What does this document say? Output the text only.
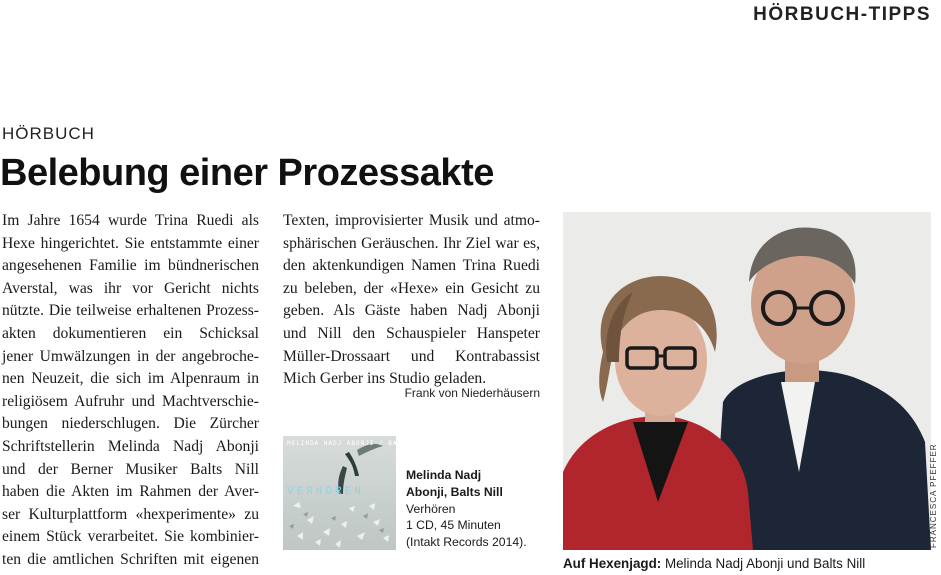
HÖRBUCH-TIPPS
HÖRBUCH
Belebung einer Prozessakte
Im Jahre 1654 wurde Trina Ruedi als
Hexe hingerichtet. Sie entstammte einer
angesehenen Familie im bündnerischen
Averstal, was ihr vor Gericht nichts
nützte. Die teilweise erhaltenen Prozess-
akten dokumentieren ein Schicksal
jener Umwälzungen in der angebroche-
nen Neuzeit, die sich im Alpenraum in
religiösem Aufruhr und Machtverschie-
bungen niederschlugen. Die Zürcher
Schriftstellerin Melinda Nadj Abonji
und der Berner Musiker Balts Nill
haben die Akten im Rahmen der Aver-
ser Kulturplattform «hexperimente» zu
einem Stück verarbeitet. Sie kombinier-
ten die amtlichen Schriften mit eigenen
Texten, improvisierter Musik und atmo-
sphärischen Geräuschen. Ihr Ziel war es,
den aktenkundigen Namen Trina Ruedi
zu beleben, der «Hexe» ein Gesicht zu
geben. Als Gäste haben Nadj Abonji
und Nill den Schauspieler Hanspeter
Müller-Drossaart und Kontrabassist
Mich Gerber ins Studio geladen.
Frank von Niederhäusern
MELINDA NADJ ABONJI / BALTS NILL
VERHÖREN
Melinda Nadj
Abonji, Balts Nill
Verhören
1 CD, 45 Minuten
(Intakt Records 2014).	FRANCESCA PFEFFER
Auf Hexenjagd: Melinda Nadj Abonji und Balts Nill
